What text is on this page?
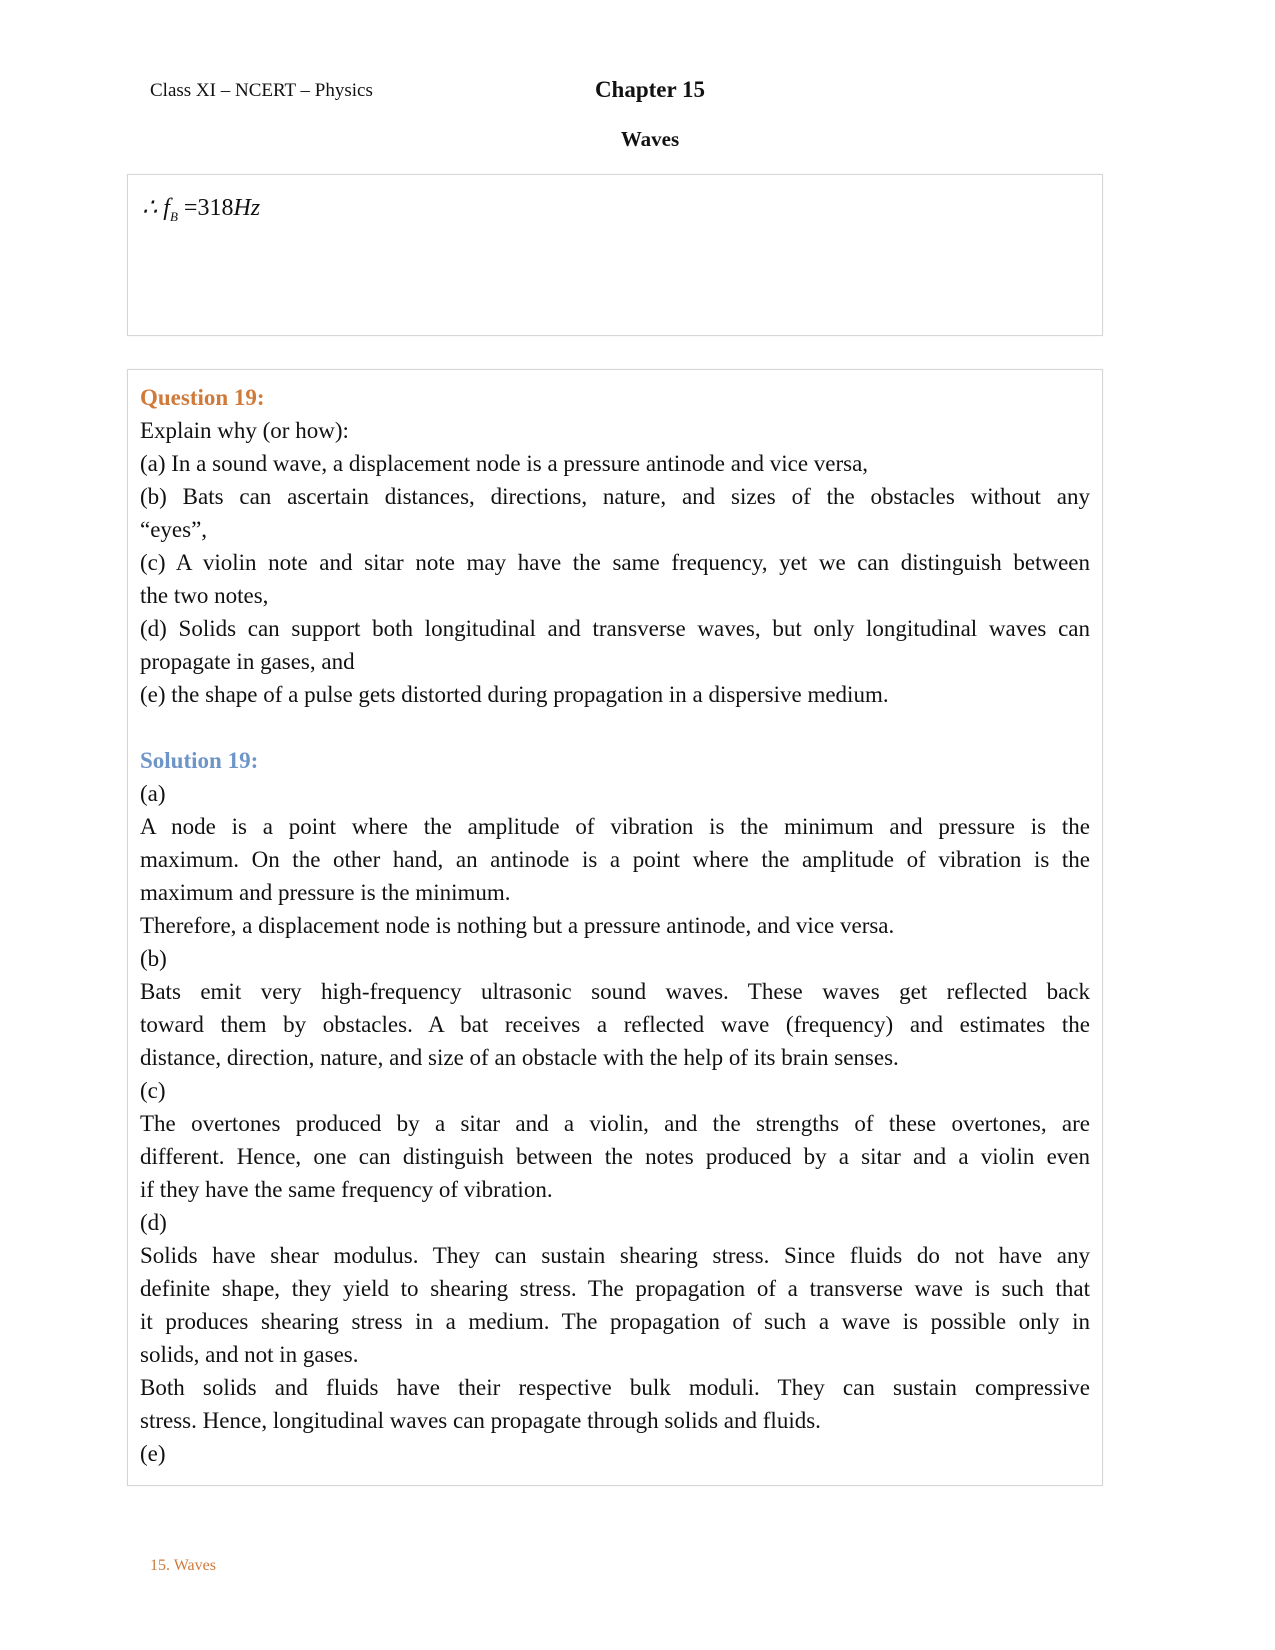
Class XI – NCERT – Physics	Chapter 15
Waves
∴ $f_B =318Hz$
Question 19:
Explain why (or how):
(a) In a sound wave, a displacement node is a pressure antinode and vice versa,
(b) Bats can ascertain distances, directions, nature, and sizes of the obstacles without any
“eyes”,
(c) A violin note and sitar note may have the same frequency, yet we can distinguish between
the two notes,
(d) Solids can support both longitudinal and transverse waves, but only longitudinal waves can
propagate in gases, and
(e) the shape of a pulse gets distorted during propagation in a dispersive medium.
Solution 19:
(a)
A node is a point where the amplitude of vibration is the minimum and pressure is the
maximum. On the other hand, an antinode is a point where the amplitude of vibration is the
maximum and pressure is the minimum.
Therefore, a displacement node is nothing but a pressure antinode, and vice versa.
(b)
Bats emit very high-frequency ultrasonic sound waves. These waves get reflected back
toward them by obstacles. A bat receives a reflected wave (frequency) and estimates the
distance, direction, nature, and size of an obstacle with the help of its brain senses.
(c)
The overtones produced by a sitar and a violin, and the strengths of these overtones, are
different. Hence, one can distinguish between the notes produced by a sitar and a violin even
if they have the same frequency of vibration.
(d)
Solids have shear modulus. They can sustain shearing stress. Since fluids do not have any
definite shape, they yield to shearing stress. The propagation of a transverse wave is such that
it produces shearing stress in a medium. The propagation of such a wave is possible only in
solids, and not in gases.
Both solids and fluids have their respective bulk moduli. They can sustain compressive
stress. Hence, longitudinal waves can propagate through solids and fluids.
(e)
15. Waves
